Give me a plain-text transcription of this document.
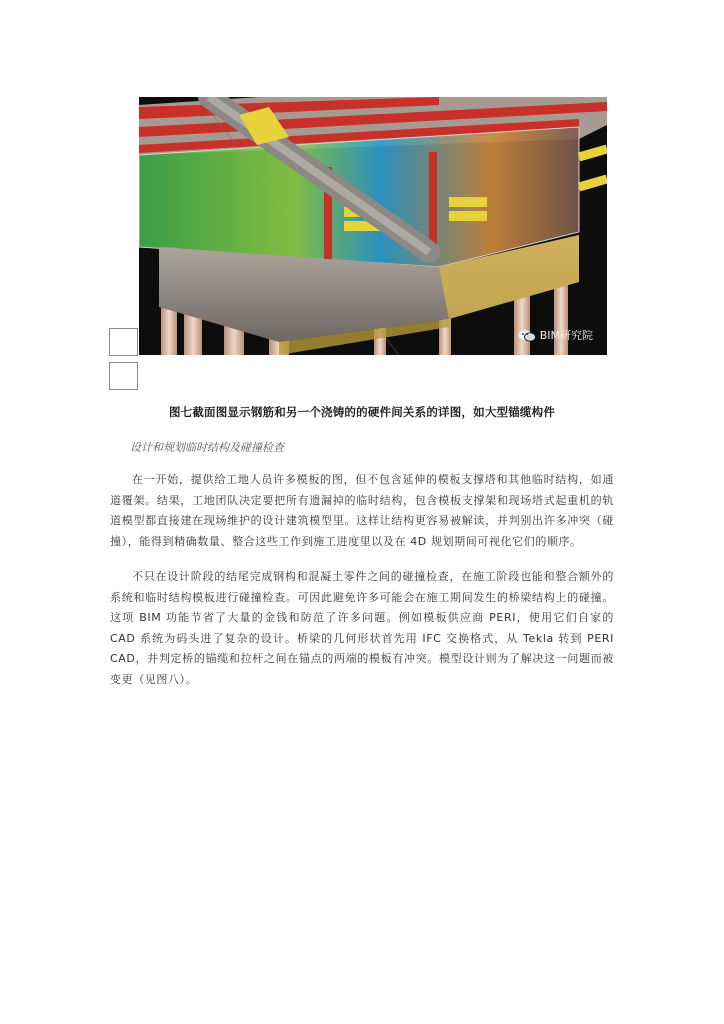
BIM研究院
图七截面图显示钢筋和另一个浇铸的的硬件间关系的详图，如大型锚缆构件
设计和规划临时结构及碰撞检查

在一开始，提供给工地人员许多模板的图，但不包含延伸的模板支撑塔和其他临时结构，如通道覆架。结果，工地团队决定要把所有遗漏掉的临时结构，包含模板支撑架和现场塔式起重机的轨道模型都直接建在现场维护的设计建筑模型里。这样让结构更容易被解读，并判别出许多冲突（碰撞），能得到精确数量、整合这些工作到施工进度里以及在 4D 规划期间可视化它们的顺序。

不只在设计阶段的结尾完成钢构和混凝土零件之间的碰撞检查，在施工阶段也能和整合额外的系统和临时结构模板进行碰撞检查。可因此避免许多可能会在施工期间发生的桥梁结构上的碰撞。这项 BIM 功能节省了大量的金钱和防范了许多问题。例如模板供应商 PERI，使用它们自家的 CAD 系统为码头进了复杂的设计。桥梁的几何形状首先用 IFC 交换格式，从 Tekla 转到 PERI CAD，并判定桥的锚缆和拉杆之间在锚点的两端的模板有冲突。模型设计则为了解决这一问题而被变更（见图八）。
